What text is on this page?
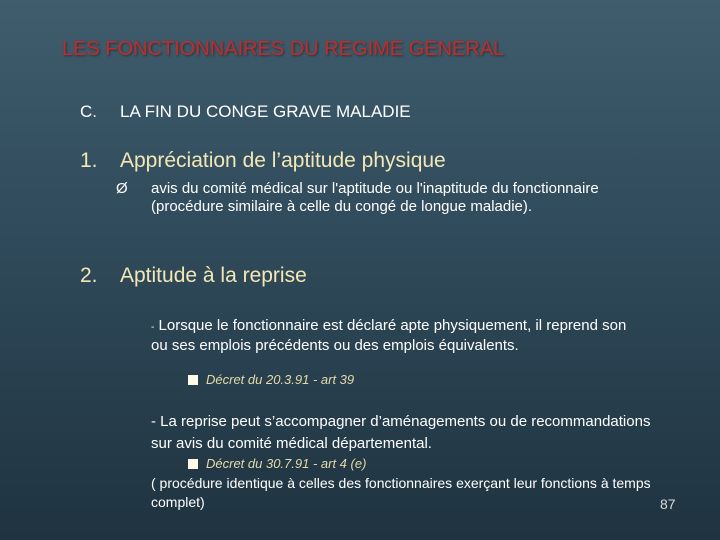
LES FONCTIONNAIRES DU REGIME GENERAL
C. LA FIN DU CONGE GRAVE MALADIE
1. Appréciation de l’aptitude physique
Ø avis du comité médical sur l'aptitude ou l'inaptitude du fonctionnaire (procédure similaire à celle du congé de longue maladie).
2. Aptitude à la reprise
- Lorsque le fonctionnaire est déclaré apte physiquement, il reprend son ou ses emplois précédents ou des emplois équivalents.
Décret du 20.3.91 - art 39
- La reprise peut s’accompagner d’aménagements ou de recommandations sur avis du comité médical départemental.
Décret du 30.7.91 - art 4 (e)
( procédure identique à celles des fonctionnaires exerçant leur fonctions à temps complet)	87
